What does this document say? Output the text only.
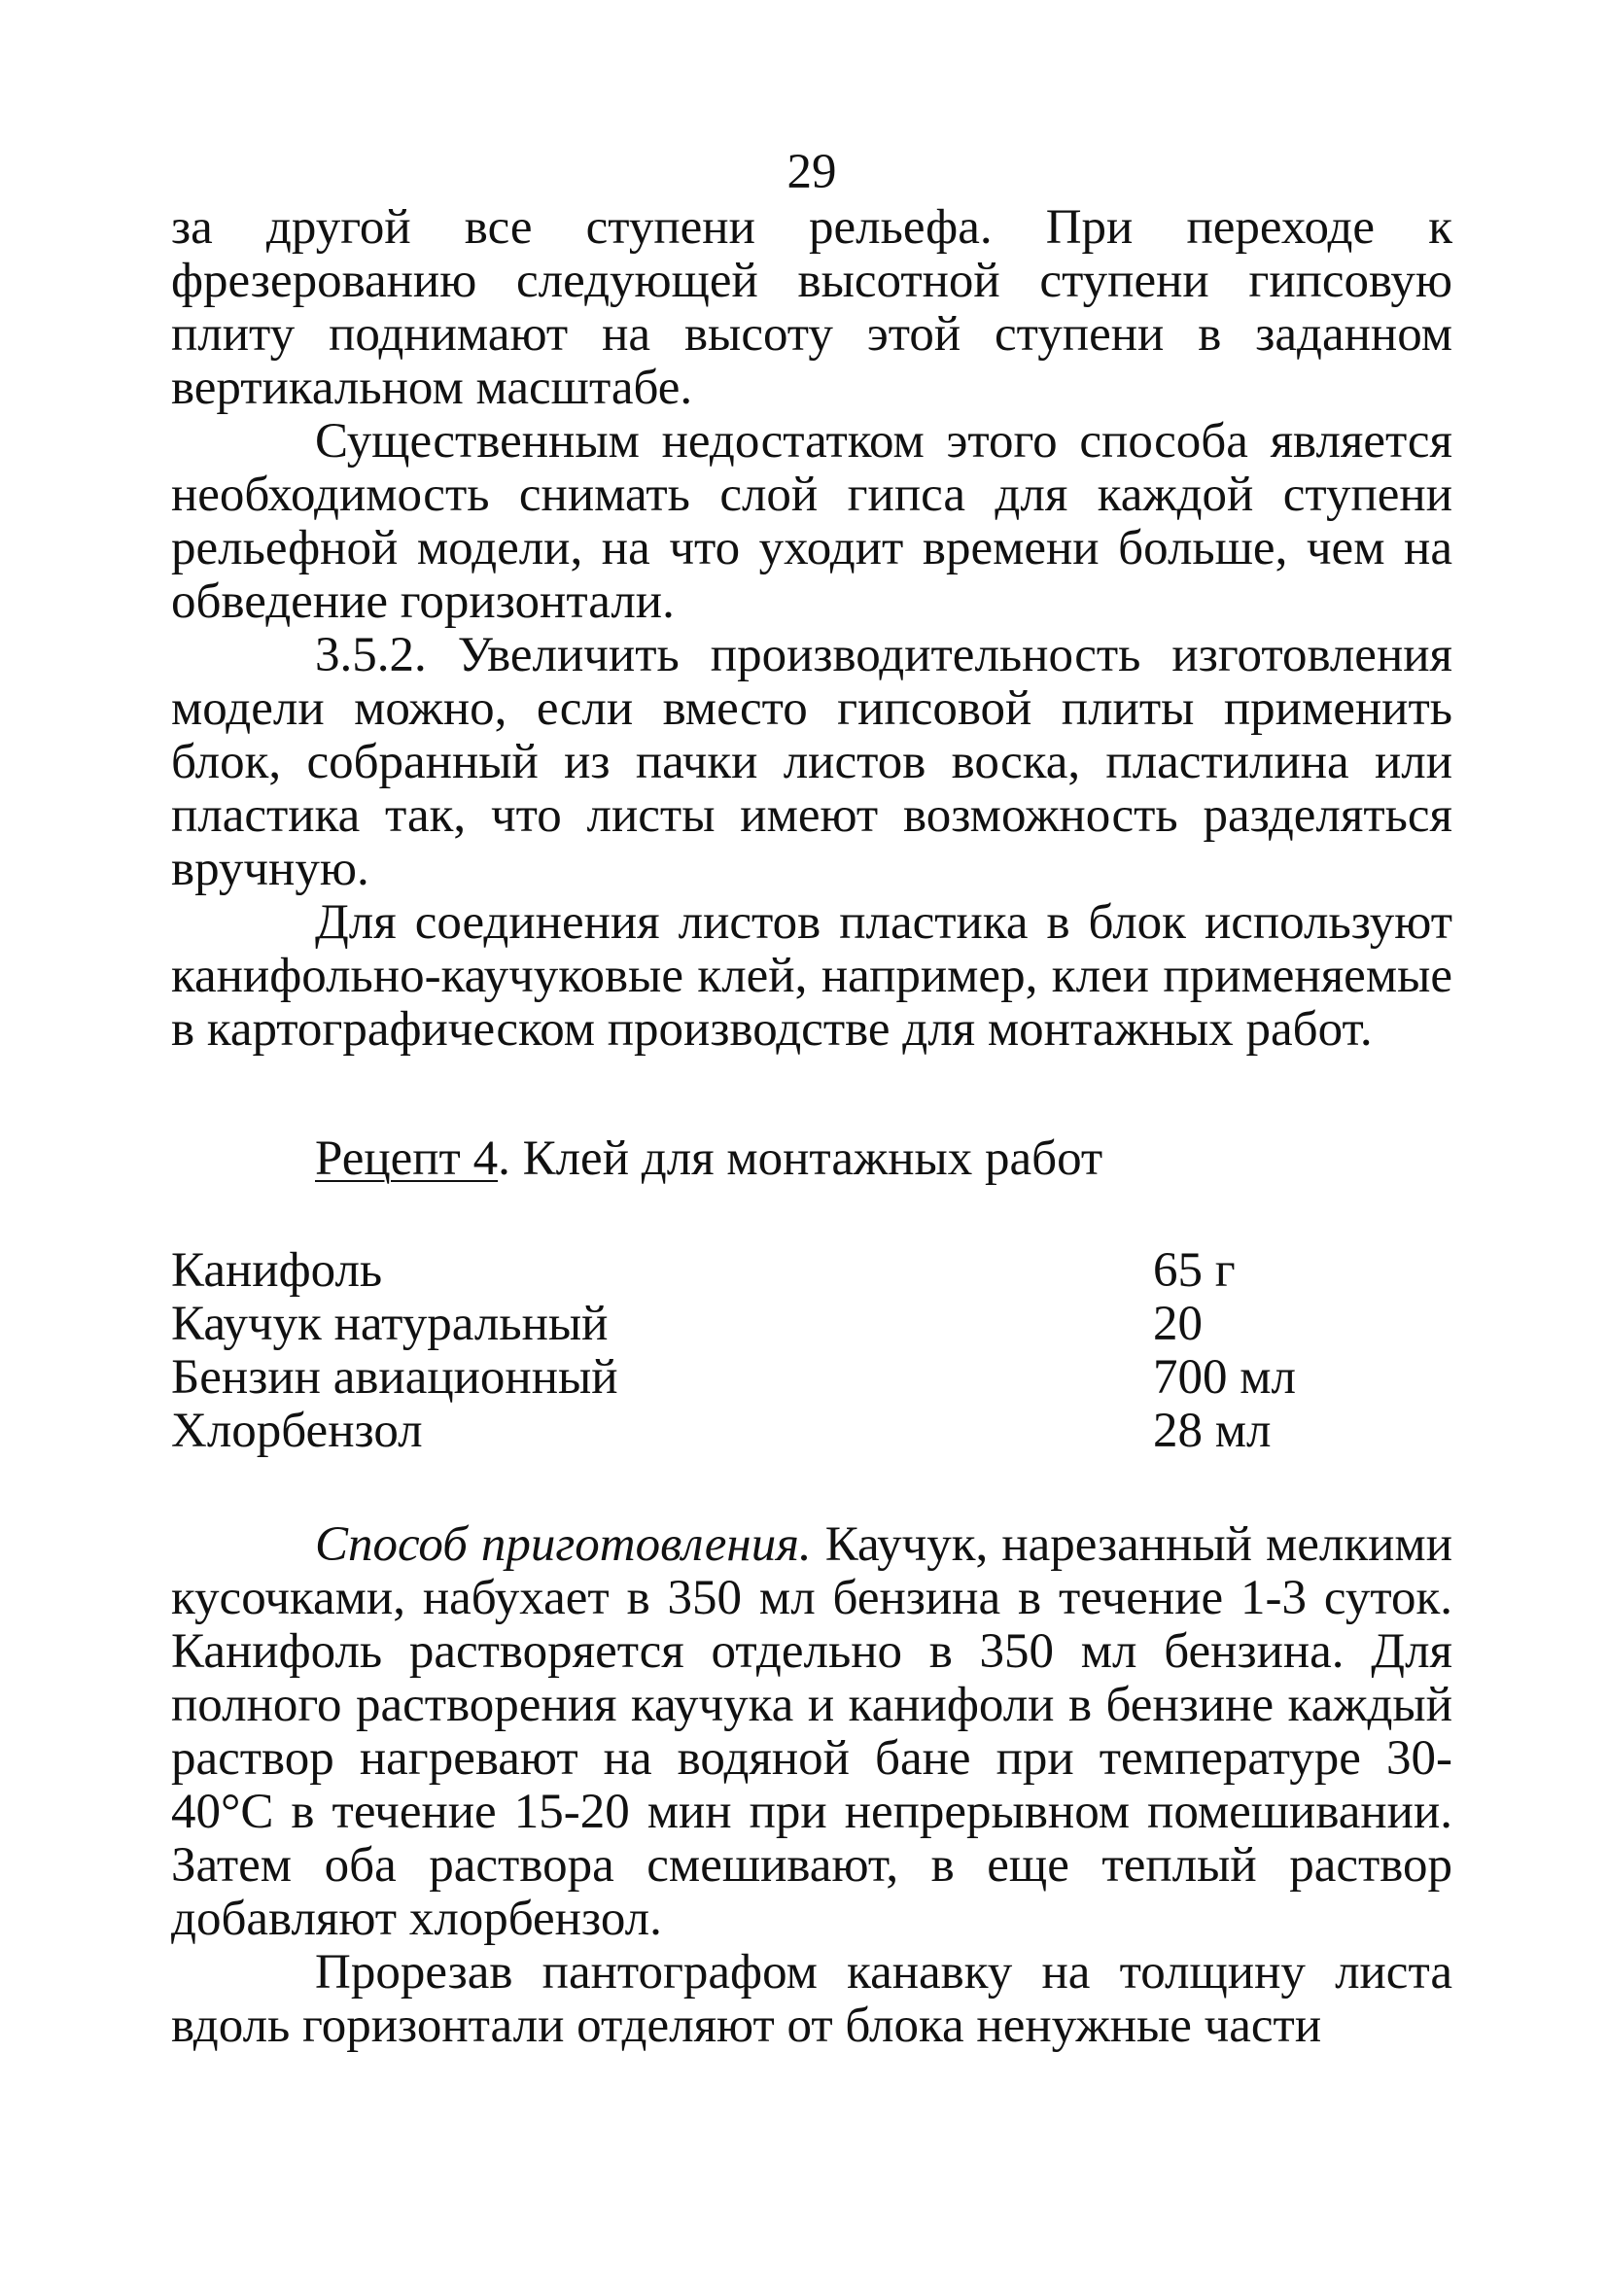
29

за другой все ступени рельефа. При переходе к фрезерованию следующей высотной ступени гипсовую плиту поднимают на высоту этой ступени в заданном вертикальном масштабе.

Существенным недостатком этого способа является необходимость снимать слой гипса для каждой ступени рельефной модели, на что уходит времени больше, чем на обведение горизонтали.

3.5.2. Увеличить производительность изготовления модели можно, если вместо гипсовой плиты применить блок, собранный из пачки листов воска, пластилина или пластика так, что листы имеют возможность разделяться вручную.

Для соединения листов пластика в блок используют канифольно-каучуковые клей, например, клеи применяемые в картографическом производстве для монтажных работ.

Рецепт 4. Клей для монтажных работ
Канифоль	65 г
Каучук натуральный	20
Бензин авиационный	700 мл
Хлорбензол	28 мл

Способ приготовления. Каучук, нарезанный мелкими кусочками, набухает в 350 мл бензина в течение 1-3 суток. Канифоль растворяется отдельно в 350 мл бензина. Для полного растворения каучука и канифоли в бензине каждый раствор нагревают на водяной бане при температуре 30-40°С в течение 15-20 мин при непрерывном помешивании. Затем оба раствора смешивают, в еще теплый раствор добавляют хлорбензол.

Прорезав пантографом канавку на толщину листа вдоль горизонтали отделяют от блока ненужные части
